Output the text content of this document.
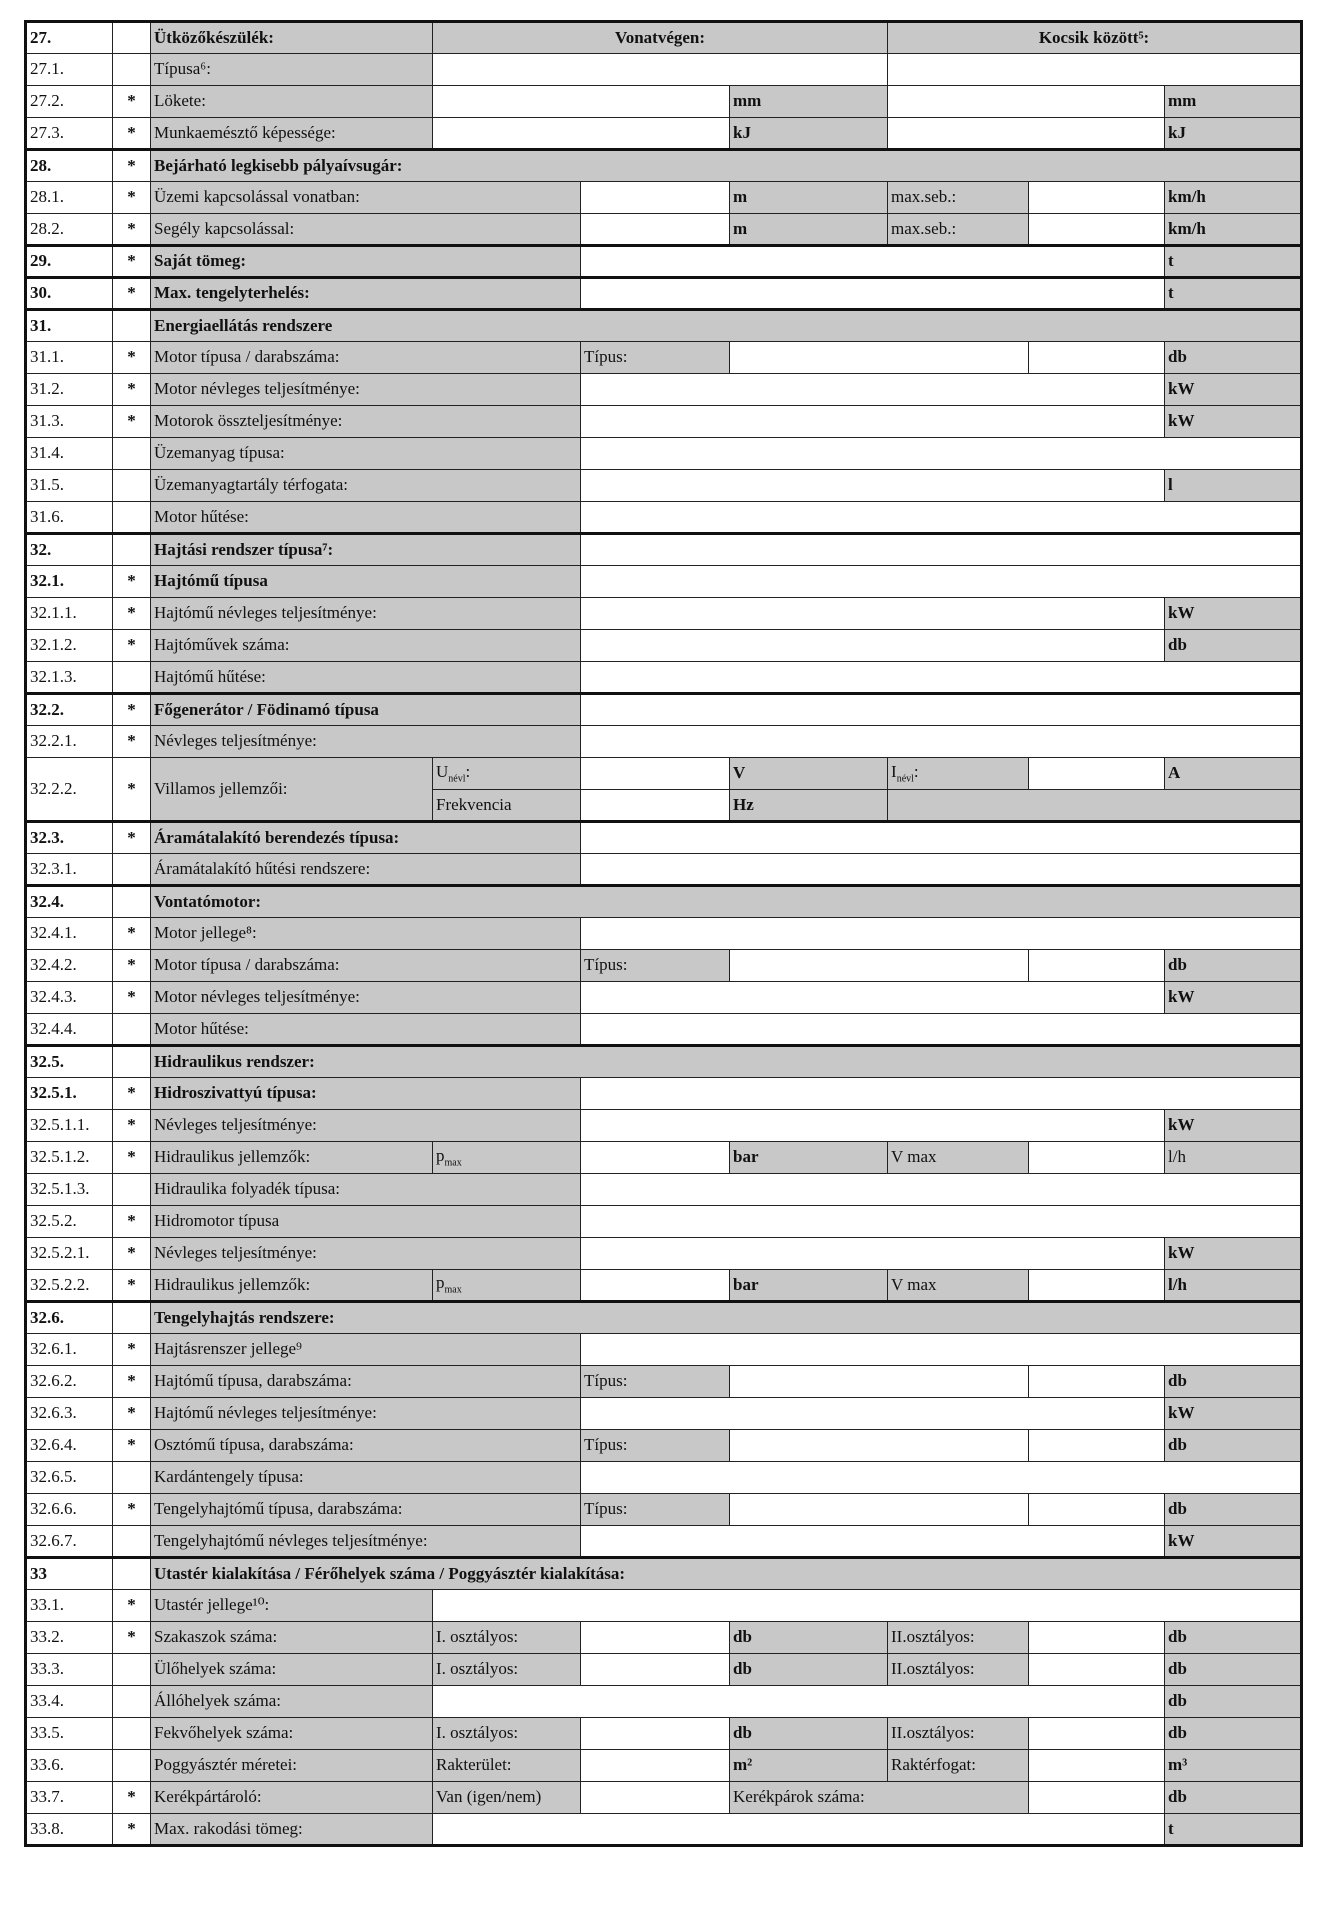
27.		Ütközőkészülék:	Vonatvégen:			Kocsik között⁵:		
27.1.		Típusa⁶:						
27.2.	*	Lökete:			mm			mm
27.3.	*	Munkaemésztő képessége:			kJ			kJ
28.	*	Bejárható legkisebb pályaívsugár:						
28.1.	*	Üzemi kapcsolással vonatban:			m	max.seb.:		km/h
28.2.	*	Segély kapcsolással:			m	max.seb.:		km/h
29.	*	Saját tömeg:						t
30.	*	Max. tengelyterhelés:						t
31.		Energiaellátás rendszere						
31.1.	*	Motor típusa / darabszáma:		Típus:				db
31.2.	*	Motor névleges teljesítménye:						kW
31.3.	*	Motorok összteljesítménye:						kW
31.4.		Üzemanyag típusa:						
31.5.		Üzemanyagtartály térfogata:						l
31.6.		Motor hűtése:						
32.		Hajtási rendszer típusa⁷:						
32.1.	*	Hajtómű típusa						
32.1.1.	*	Hajtómű névleges teljesítménye:						kW
32.1.2.	*	Hajtóművek száma:						db
32.1.3.		Hajtómű hűtése:						
32.2.	*	Főgenerátor / Födinamó típusa						
32.2.1.	*	Névleges teljesítménye:						
32.2.2.	*	Villamos jellemzői:	$U_{névl}$:		V	$I_{névl}$:		A
			Frekvencia		Hz			
32.3.	*	Áramátalakító berendezés típusa:						
32.3.1.		Áramátalakító hűtési rendszere:						
32.4.		Vontatómotor:						
32.4.1.	*	Motor jellege⁸:						
32.4.2.	*	Motor típusa / darabszáma:		Típus:				db
32.4.3.	*	Motor névleges teljesítménye:						kW
32.4.4.		Motor hűtése:						
32.5.		Hidraulikus rendszer:						
32.5.1.	*	Hidroszivattyú típusa:						
32.5.1.1.	*	Névleges teljesítménye:						kW
32.5.1.2.	*	Hidraulikus jellemzők:	$p_{max}$		bar	V max		l/h
32.5.1.3.		Hidraulika folyadék típusa:						
32.5.2.	*	Hidromotor típusa						
32.5.2.1.	*	Névleges teljesítménye:						kW
32.5.2.2.	*	Hidraulikus jellemzők:	$p_{max}$		bar	V max		l/h
32.6.		Tengelyhajtás rendszere:						
32.6.1.	*	Hajtásrenszer jellege⁹						
32.6.2.	*	Hajtómű típusa, darabszáma:		Típus:				db
32.6.3.	*	Hajtómű névleges teljesítménye:						kW
32.6.4.	*	Osztómű típusa, darabszáma:		Típus:				db
32.6.5.		Kardántengely típusa:						
32.6.6.	*	Tengelyhajtómű típusa, darabszáma:		Típus:				db
32.6.7.		Tengelyhajtómű névleges teljesítménye:						kW
33		Utastér kialakítása / Férőhelyek száma / Poggyásztér kialakítása:						
33.1.	*	Utastér jellege¹⁰:						
33.2.	*	Szakaszok száma:	I. osztályos:		db	II.osztályos:		db
33.3.		Ülőhelyek száma:	I. osztályos:		db	II.osztályos:		db
33.4.		Állóhelyek száma:						db
33.5.		Fekvőhelyek száma:	I. osztályos:		db	II.osztályos:		db
33.6.		Poggyásztér méretei:	Rakterület:		m²	Raktérfogat:		m³
33.7.	*	Kerékpártároló:	Van (igen/nem)		Kerékpárok száma:			db
33.8.	*	Max. rakodási tömeg:						t
